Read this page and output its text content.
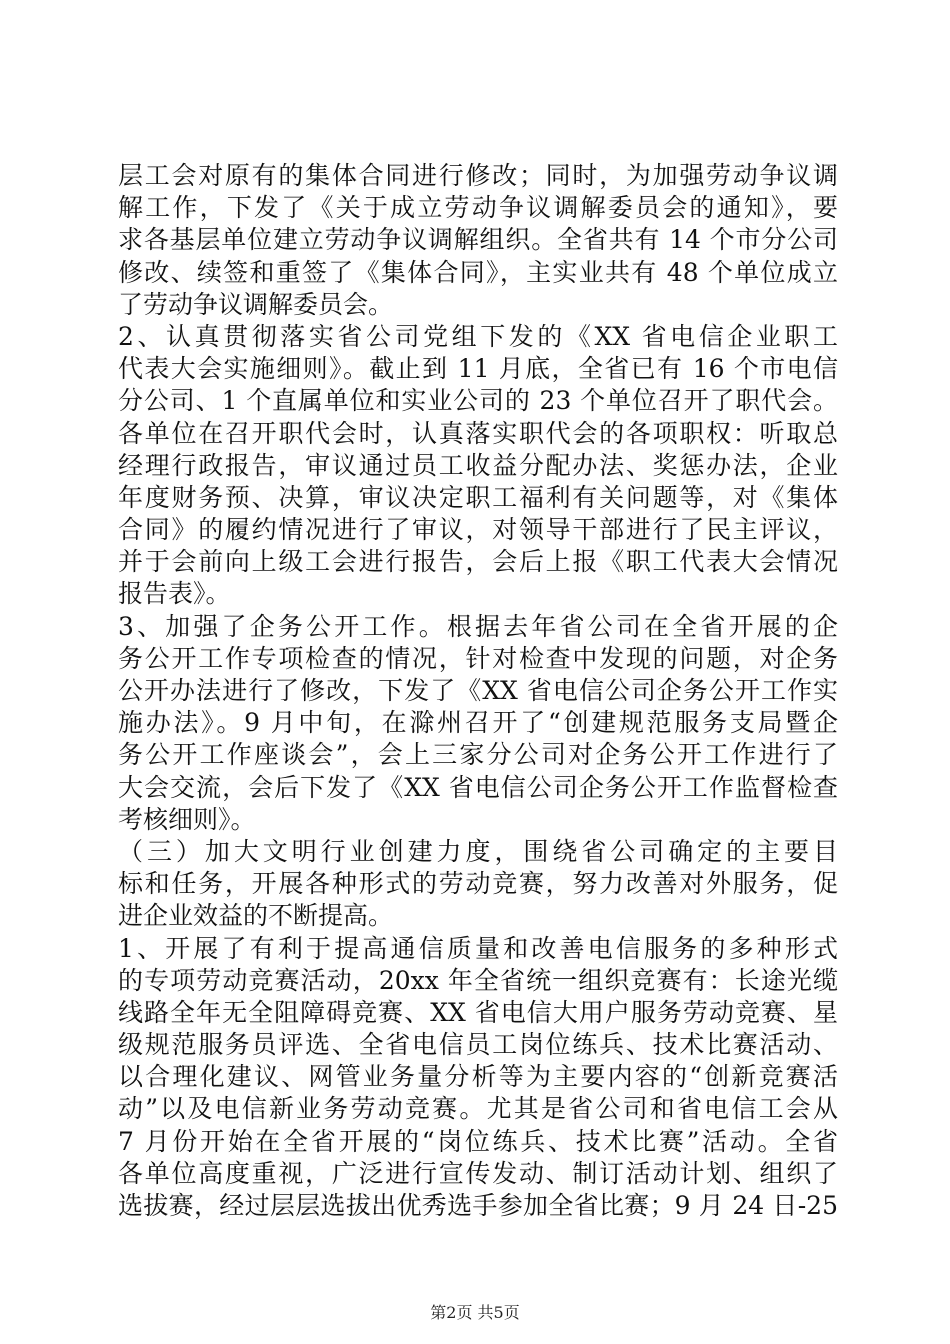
层工会对原有的集体合同进行修改；同时，为加强劳动争议调
解工作，下发了《关于成立劳动争议调解委员会的通知》，要
求各基层单位建立劳动争议调解组织。全省共有 14 个市分公司
修改、续签和重签了《集体合同》，主实业共有 48 个单位成立
了劳动争议调解委员会。
2、认真贯彻落实省公司党组下发的《XX 省电信企业职工
代表大会实施细则》。截止到 11 月底，全省已有 16 个市电信
分公司、1 个直属单位和实业公司的 23 个单位召开了职代会。
各单位在召开职代会时，认真落实职代会的各项职权：听取总
经理行政报告，审议通过员工收益分配办法、奖惩办法，企业
年度财务预、决算，审议决定职工福利有关问题等，对《集体
合同》的履约情况进行了审议，对领导干部进行了民主评议，
并于会前向上级工会进行报告，会后上报《职工代表大会情况
报告表》。
3、加强了企务公开工作。根据去年省公司在全省开展的企
务公开工作专项检查的情况，针对检查中发现的问题，对企务
公开办法进行了修改，下发了《XX 省电信公司企务公开工作实
施办法》。9 月中旬，在滁州召开了“创建规范服务支局暨企
务公开工作座谈会”，会上三家分公司对企务公开工作进行了
大会交流，会后下发了《XX 省电信公司企务公开工作监督检查
考核细则》。
（三）加大文明行业创建力度，围绕省公司确定的主要目
标和任务，开展各种形式的劳动竞赛，努力改善对外服务，促
进企业效益的不断提高。
1、开展了有利于提高通信质量和改善电信服务的多种形式
的专项劳动竞赛活动，20xx 年全省统一组织竞赛有：长途光缆
线路全年无全阻障碍竞赛、XX 省电信大用户服务劳动竞赛、星
级规范服务员评选、全省电信员工岗位练兵、技术比赛活动、
以合理化建议、网管业务量分析等为主要内容的“创新竞赛活
动”以及电信新业务劳动竞赛。尤其是省公司和省电信工会从
7 月份开始在全省开展的“岗位练兵、技术比赛”活动。全省
各单位高度重视，广泛进行宣传发动、制订活动计划、组织了
选拔赛，经过层层选拔出优秀选手参加全省比赛；9 月 24 日-25
第2页 共5页
